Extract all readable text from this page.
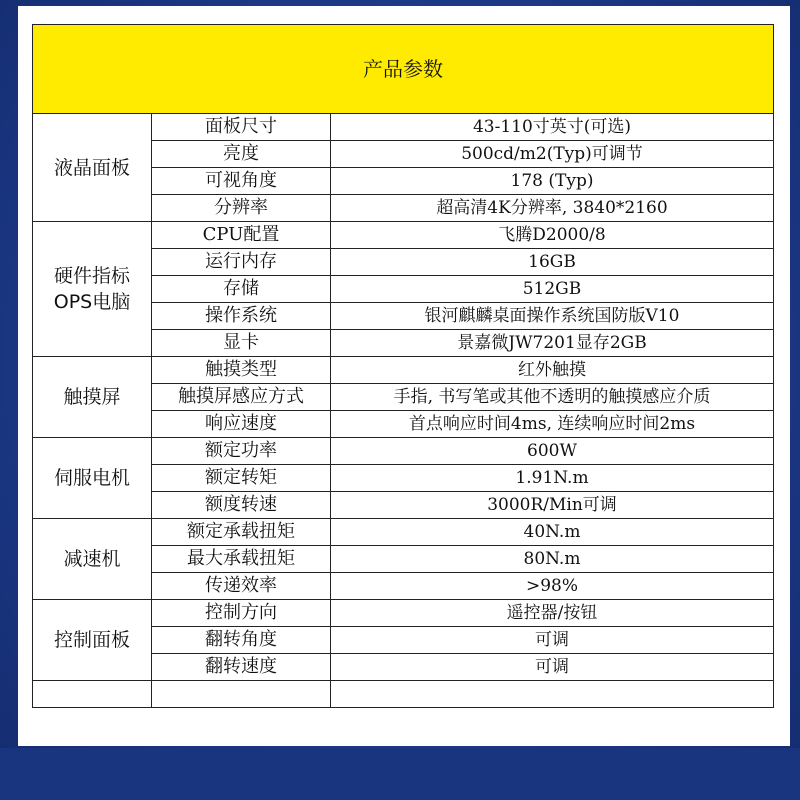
产品参数		

液晶面板	面板尺寸	43-110寸英寸(可选)
	亮度	500cd/m2(Typ)可调节
	可视角度	178 (Typ)
	分辨率	超高清4K分辨率, 3840*2160

硬件指标
OPS电脑	CPU配置	飞腾D2000/8
	运行内存	16GB
	存储	512GB
	操作系统	银河麒麟桌面操作系统国防版V10
	显卡	景嘉微JW7201显存2GB

触摸屏	触摸类型	红外触摸
	触摸屏感应方式	手指, 书写笔或其他不透明的触摸感应介质
	响应速度	首点响应时间4ms, 连续响应时间2ms

伺服电机	额定功率	600W
	额定转矩	1.91N.m
	额度转速	3000R/Min可调

减速机	额定承载扭矩	40N.m
	最大承载扭矩	80N.m
	传递效率	>98%

控制面板	控制方向	遥控器/按钮
	翻转角度	可调
	翻转速度	可调
